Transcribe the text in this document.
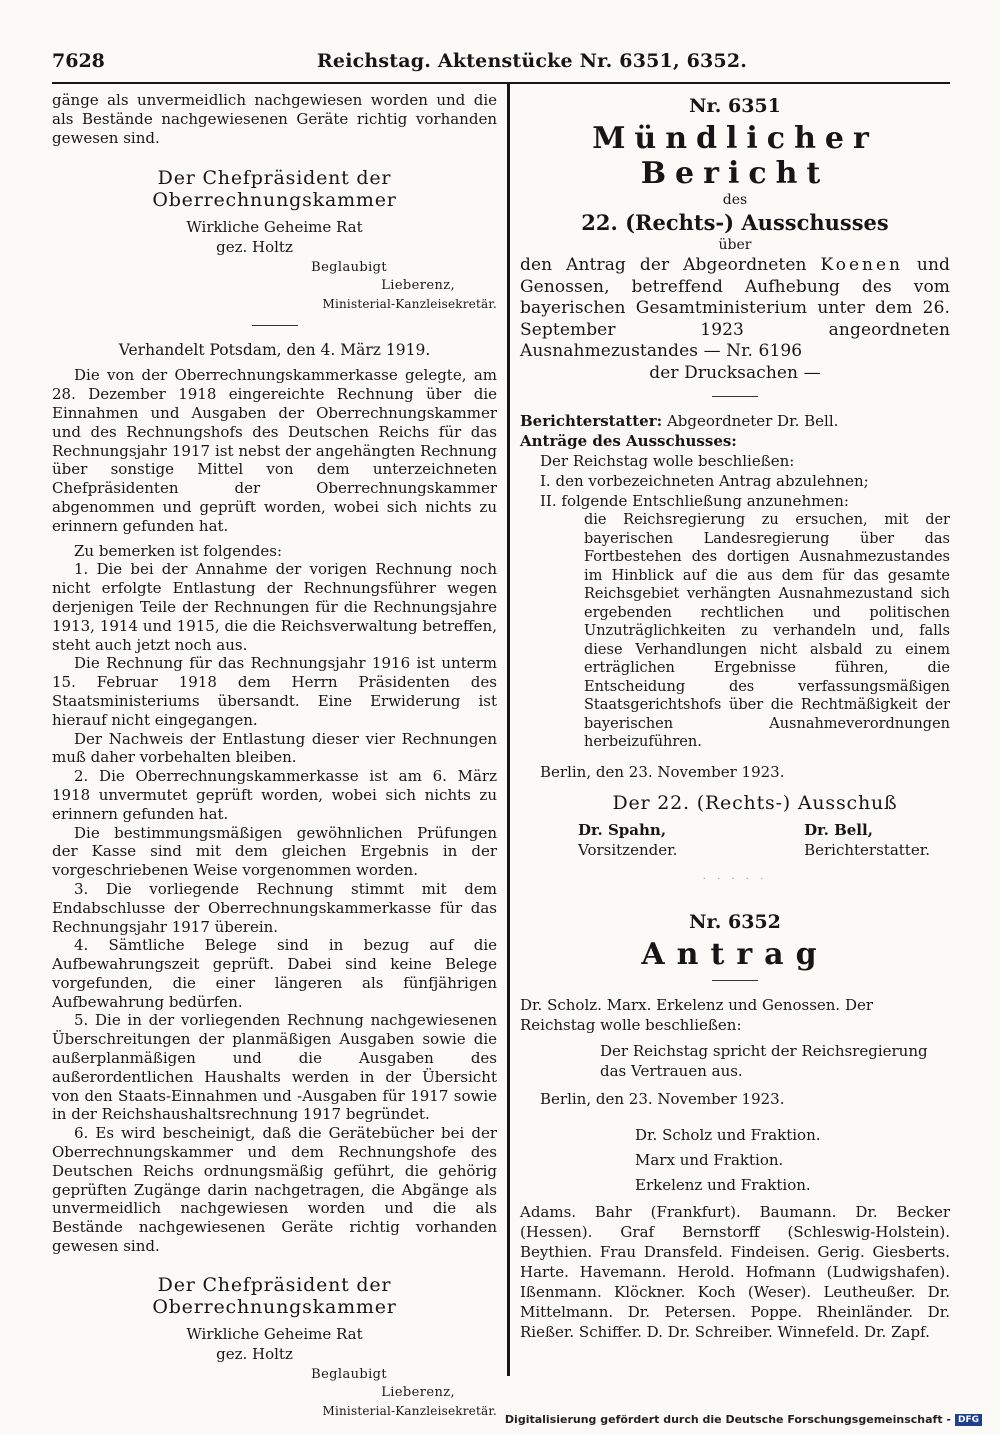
7628	Reichstag. Aktenstücke Nr. 6351, 6352.

gänge als unvermeidlich nachgewiesen worden und die als Bestände nachgewiesenen Geräte richtig vorhanden gewesen sind.

Der Chefpräsident der Oberrechnungskammer

Wirkliche Geheime Rat

gez. Holtz

Beglaubigt

Lieberenz,

Ministerial-Kanzleisekretär.

Verhandelt Potsdam, den 4. März 1919.

Die von der Oberrechnungskammerkasse gelegte, am 28. Dezember 1918 eingereichte Rechnung über die Einnahmen und Ausgaben der Oberrechnungskammer und des Rechnungshofs des Deutschen Reichs für das Rechnungsjahr 1917 ist nebst der angehängten Rechnung über sonstige Mittel von dem unterzeichneten Chefpräsidenten der Oberrechnungskammer abgenommen und geprüft worden, wobei sich nichts zu erinnern gefunden hat.

Zu bemerken ist folgendes:

1. Die bei der Annahme der vorigen Rechnung noch nicht erfolgte Entlastung der Rechnungsführer wegen derjenigen Teile der Rechnungen für die Rechnungsjahre 1913, 1914 und 1915, die die Reichsverwaltung betreffen, steht auch jetzt noch aus.

Die Rechnung für das Rechnungsjahr 1916 ist unterm 15. Februar 1918 dem Herrn Präsidenten des Staatsministeriums übersandt. Eine Erwiderung ist hierauf nicht eingegangen.

Der Nachweis der Entlastung dieser vier Rechnungen muß daher vorbehalten bleiben.

2. Die Oberrechnungskammerkasse ist am 6. März 1918 unvermutet geprüft worden, wobei sich nichts zu erinnern gefunden hat.

Die bestimmungsmäßigen gewöhnlichen Prüfungen der Kasse sind mit dem gleichen Ergebnis in der vorgeschriebenen Weise vorgenommen worden.

3. Die vorliegende Rechnung stimmt mit dem Endabschlusse der Oberrechnungskammerkasse für das Rechnungsjahr 1917 überein.

4. Sämtliche Belege sind in bezug auf die Aufbewahrungszeit geprüft. Dabei sind keine Belege vorgefunden, die einer längeren als fünfjährigen Aufbewahrung bedürfen.

5. Die in der vorliegenden Rechnung nachgewiesenen Überschreitungen der planmäßigen Ausgaben sowie die außerplanmäßigen und die Ausgaben des außerordentlichen Haushalts werden in der Übersicht von den Staats-Einnahmen und -Ausgaben für 1917 sowie in der Reichshaushaltsrechnung 1917 begründet.

6. Es wird bescheinigt, daß die Gerätebücher bei der Oberrechnungskammer und dem Rechnungshofe des Deutschen Reichs ordnungsmäßig geführt, die gehörig geprüften Zugänge darin nachgetragen, die Abgänge als unvermeidlich nachgewiesen worden und die als Bestände nachgewiesenen Geräte richtig vorhanden gewesen sind.

Der Chefpräsident der Oberrechnungskammer

Wirkliche Geheime Rat

gez. Holtz

Beglaubigt

Lieberenz,

Ministerial-Kanzleisekretär.

Nr. 6351

Mündlicher Bericht

des

22. (Rechts-) Ausschusses

über

den Antrag der Abgeordneten Koenen und Genossen, betreffend Aufhebung des vom bayerischen Gesamtministerium unter dem 26. September 1923 angeordneten Ausnahmezustandes — Nr. 6196

der Drucksachen —

Berichterstatter: Abgeordneter Dr. Bell.

Anträge des Ausschusses:

Der Reichstag wolle beschließen:

I. den vorbezeichneten Antrag abzulehnen;

II. folgende Entschließung anzunehmen:

die Reichsregierung zu ersuchen, mit der bayerischen Landesregierung über das Fortbestehen des dortigen Ausnahmezustandes im Hinblick auf die aus dem für das gesamte Reichsgebiet verhängten Ausnahmezustand sich ergebenden rechtlichen und politischen Unzuträglichkeiten zu verhandeln und, falls diese Verhandlungen nicht alsbald zu einem erträglichen Ergebnisse führen, die Entscheidung des verfassungsmäßigen Staatsgerichtshofs über die Rechtmäßigkeit der bayerischen Ausnahmeverordnungen herbeizuführen.

Berlin, den 23. November 1923.

Der 22. (Rechts-) Ausschuß

Dr. Spahn,

Vorsitzender.

Dr. Bell,

Berichterstatter.

· · · · ·

Nr. 6352

Antrag

Dr. Scholz. Marx. Erkelenz und Genossen. Der Reichstag wolle beschließen:

Der Reichstag spricht der Reichsregierung das Vertrauen aus.

Berlin, den 23. November 1923.

Dr. Scholz und Fraktion.

Marx und Fraktion.

Erkelenz und Fraktion.

Adams. Bahr (Frankfurt). Baumann. Dr. Becker (Hessen). Graf Bernstorff (Schleswig-Holstein). Beythien. Frau Dransfeld. Findeisen. Gerig. Giesberts. Harte. Havemann. Herold. Hofmann (Ludwigshafen). Ißenmann. Klöckner. Koch (Weser). Leutheußer. Dr. Mittelmann. Dr. Petersen. Poppe. Rheinländer. Dr. Rießer. Schiffer. D. Dr. Schreiber. Winnefeld. Dr. Zapf.

Digitalisierung gefördert durch die Deutsche Forschungsgemeinschaft - DFG
